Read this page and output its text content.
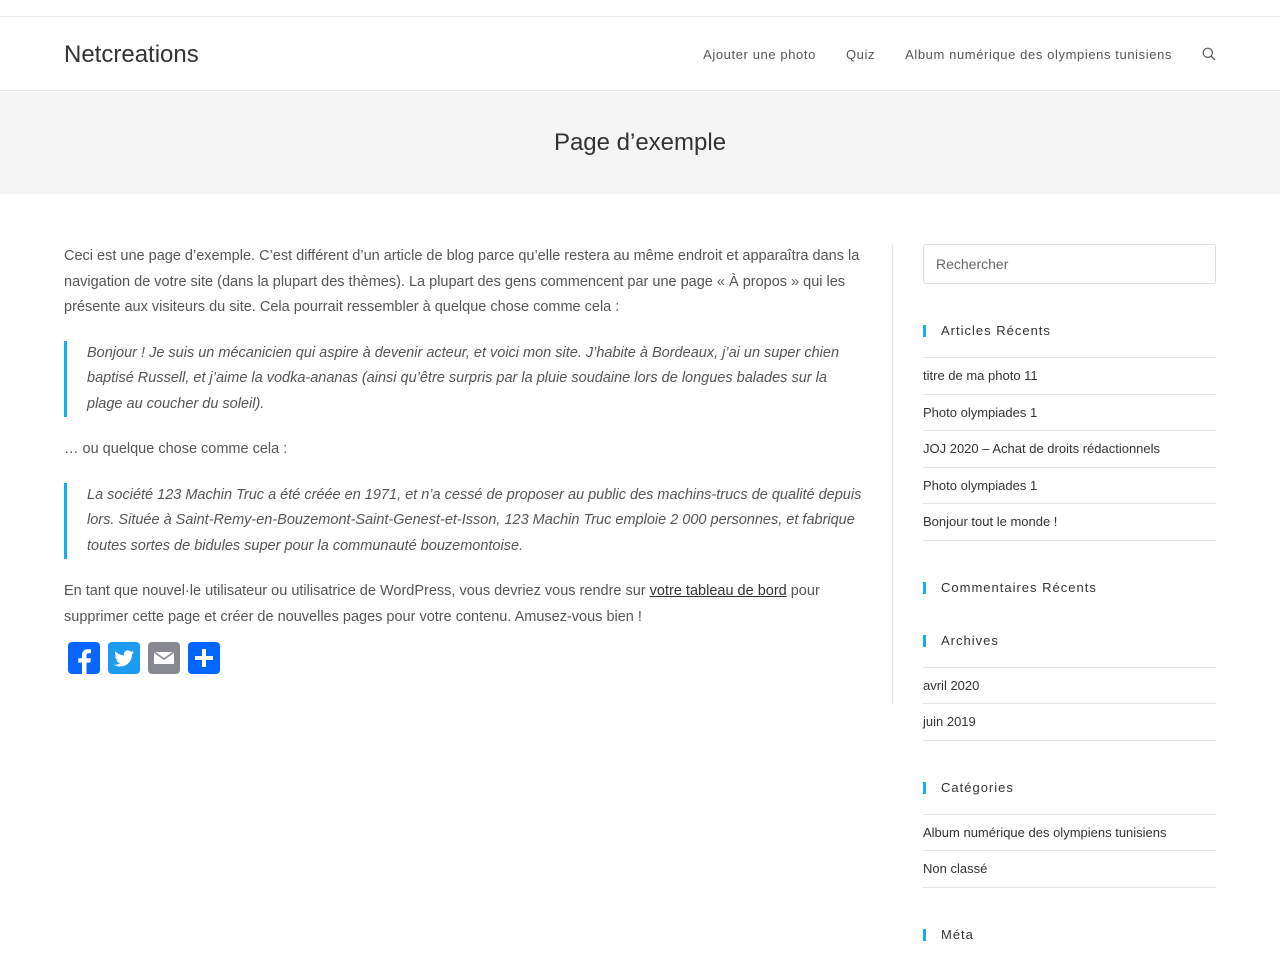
Netcreations	Ajouter une photo Quiz Album numérique des olympiens tunisiens
Page d’exemple

Ceci est une page d’exemple. C’est différent d’un article de blog parce qu’elle restera au même endroit et apparaîtra dans la navigation de votre site (dans la plupart des thèmes). La plupart des gens commencent par une page « À propos » qui les présente aux visiteurs du site. Cela pourrait ressembler à quelque chose comme cela :

Bonjour ! Je suis un mécanicien qui aspire à devenir acteur, et voici mon site. J’habite à Bordeaux, j’ai un super chien baptisé Russell, et j’aime la vodka-ananas (ainsi qu’être surpris par la pluie soudaine lors de longues balades sur la plage au coucher du soleil).

… ou quelque chose comme cela :

La société 123 Machin Truc a été créée en 1971, et n’a cessé de proposer au public des machins-trucs de qualité depuis lors. Située à Saint-Remy-en-Bouzemont-Saint-Genest-et-Isson, 123 Machin Truc emploie 2 000 personnes, et fabrique toutes sortes de bidules super pour la communauté bouzemontoise.

En tant que nouvel·le utilisateur ou utilisatrice de WordPress, vous devriez vous rendre sur votre tableau de bord pour supprimer cette page et créer de nouvelles pages pour votre contenu. Amusez-vous bien !

Rechercher
Articles Récents
titre de ma photo 11
Photo olympiades 1
JOJ 2020 – Achat de droits rédactionnels
Photo olympiades 1
Bonjour tout le monde !
Commentaires Récents
Archives
avril 2020
juin 2019
Catégories
Album numérique des olympiens tunisiens
Non classé
Méta
